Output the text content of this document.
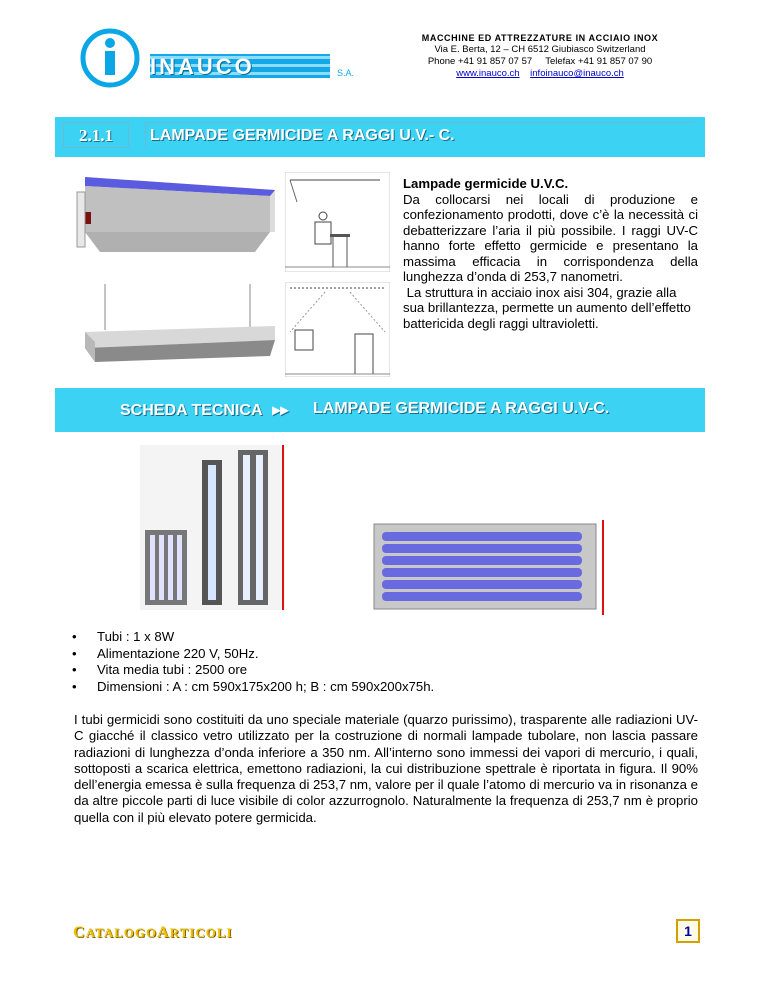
INAUCO	S.A.
MACCHINE ED ATTREZZATURE IN ACCIAIO INOX
Via E. Berta, 12 – CH 6512 Giubiasco Switzerland
Phone +41 91 857 07 57 Telefax +41 91 857 07 90
www.inauco.ch infoinauco@inauco.ch
2.1.1	LAMPADE GERMICIDE A RAGGI U.V.- C.
Lampade germicide U.V.C.
Da collocarsi nei locali di produzione e confezionamento prodotti, dove c’è la necessità ci debatterizzare l’aria il più possibile. I raggi UV-C hanno forte effetto germicide e presentano la massima efficacia in corrispondenza della lunghezza d’onda di 253,7 nanometri.
La struttura in acciaio inox aisi 304, grazie alla sua brillantezza, permette un aumento dell’effetto battericida degli raggi ultravioletti.
SCHEDA TECNICA ▸▸ LAMPADE GERMICIDE A RAGGI U.V-C.
• Tubi : 1 x 8W
• Alimentazione 220 V, 50Hz.
• Vita media tubi : 2500 ore
• Dimensioni : A : cm 590x175x200 h; B : cm 590x200x75h.
I tubi germicidi sono costituiti da uno speciale materiale (quarzo purissimo), trasparente alle radiazioni UV-C giacché il classico vetro utilizzato per la costruzione di normali lampade tubolare, non lascia passare radiazioni di lunghezza d’onda inferiore a 350 nm. All’interno sono immessi dei vapori di mercurio, i quali, sottoposti a scarica elettrica, emettono radiazioni, la cui distribuzione spettrale è riportata in figura. Il 90% dell’energia emessa è sulla frequenza di 253,7 nm, valore per il quale l’atomo di mercurio va in risonanza e da altre piccole parti di luce visibile di color azzurrognolo. Naturalmente la frequenza di 253,7 nm è proprio quella con il più elevato potere germicida.
CATALOGOARTICOLI	1
